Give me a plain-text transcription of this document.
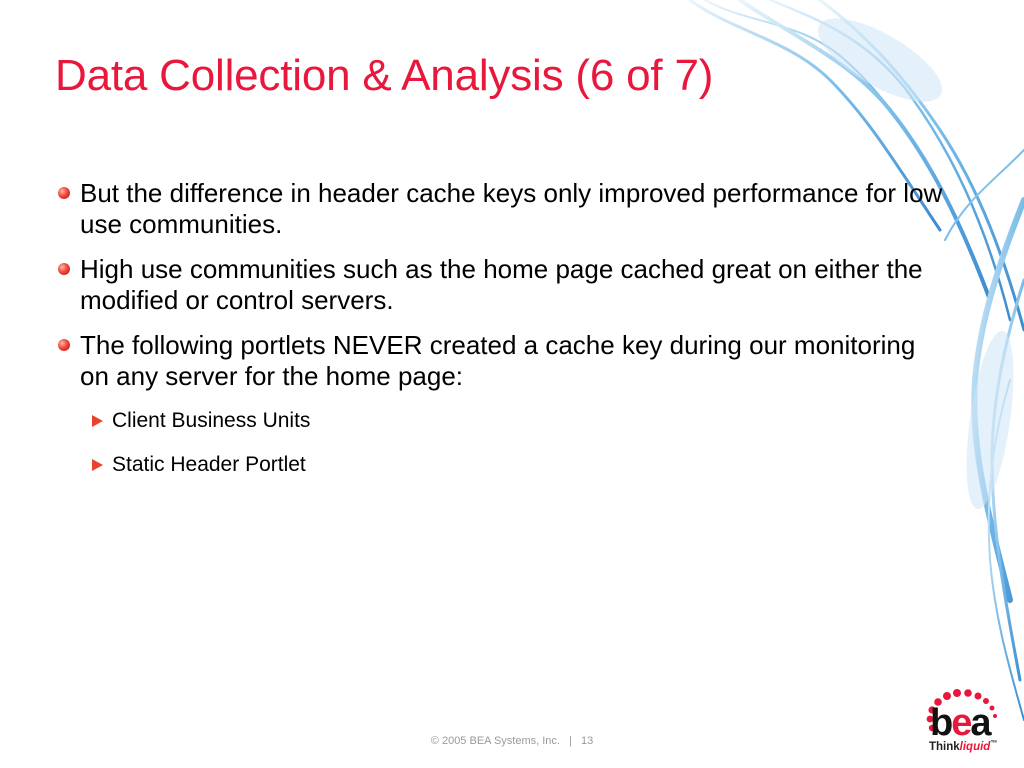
Data Collection & Analysis (6 of 7)
But the difference in header cache keys only improved performance for low use communities.
High use communities such as the home page cached great on either the modified or control servers.
The following portlets NEVER created a cache key during our monitoring on any server for the home page:
Client Business Units
Static Header Portlet
© 2005 BEA Systems, Inc. | 13	bea
Thinkliquid™
